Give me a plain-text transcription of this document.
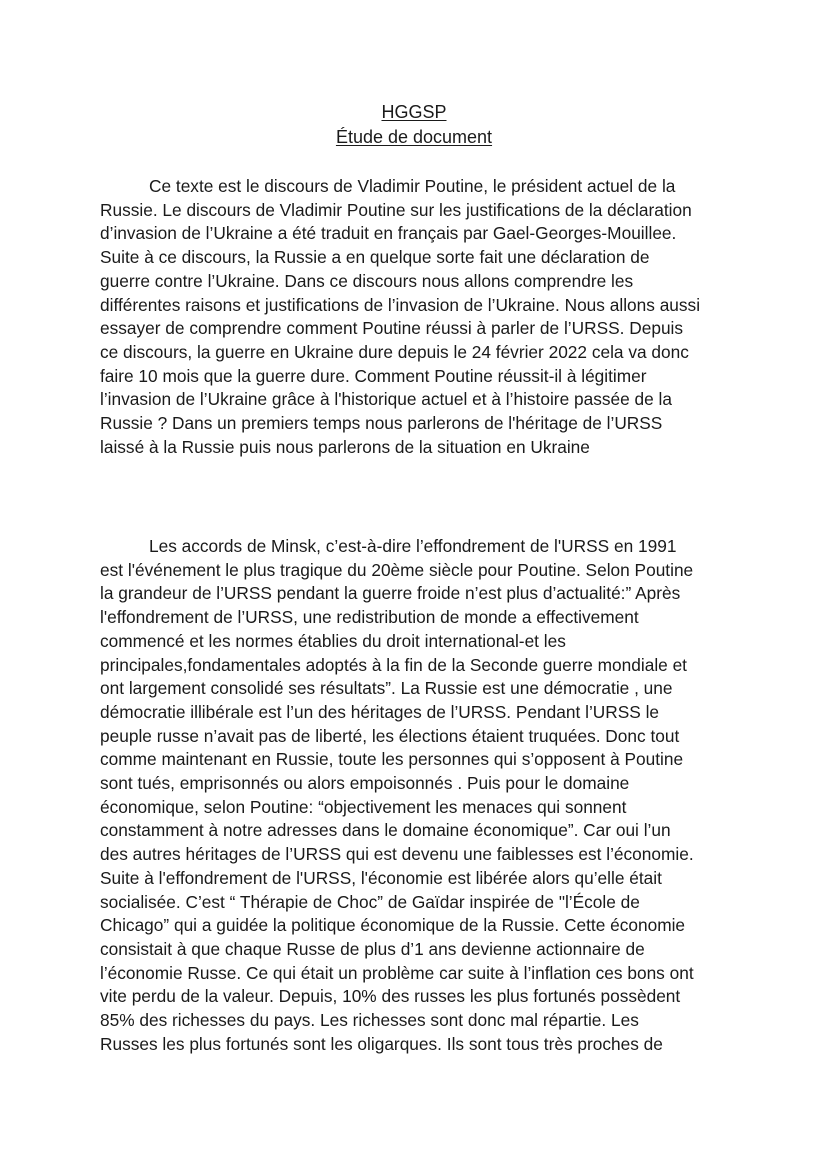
HGGSP
Étude de document
Ce texte est le discours de Vladimir Poutine, le président actuel de la
Russie. Le discours de Vladimir Poutine sur les justifications de la déclaration
d’invasion de l’Ukraine a été traduit en français par Gael-Georges-Mouillee.
Suite à ce discours, la Russie a en quelque sorte fait une déclaration de
guerre contre l’Ukraine. Dans ce discours nous allons comprendre les
différentes raisons et justifications de l’invasion de l’Ukraine. Nous allons aussi
essayer de comprendre comment Poutine réussi à parler de l’URSS. Depuis
ce discours, la guerre en Ukraine dure depuis le 24 février 2022 cela va donc
faire 10 mois que la guerre dure. Comment Poutine réussit-il à légitimer
l’invasion de l’Ukraine grâce à l'historique actuel et à l’histoire passée de la
Russie ? Dans un premiers temps nous parlerons de l'héritage de l’URSS
laissé à la Russie puis nous parlerons de la situation en Ukraine
Les accords de Minsk, c’est-à-dire l’effondrement de l'URSS en 1991
est l'événement le plus tragique du 20ème siècle pour Poutine. Selon Poutine
la grandeur de l’URSS pendant la guerre froide n’est plus d’actualité:” Après
l'effondrement de l’URSS, une redistribution de monde a effectivement
commencé et les normes établies du droit international-et les
principales,fondamentales adoptés à la fin de la Seconde guerre mondiale et
ont largement consolidé ses résultats”. La Russie est une démocratie , une
démocratie illibérale est l’un des héritages de l’URSS. Pendant l’URSS le
peuple russe n’avait pas de liberté, les élections étaient truquées. Donc tout
comme maintenant en Russie, toute les personnes qui s’opposent à Poutine
sont tués, emprisonnés ou alors empoisonnés . Puis pour le domaine
économique, selon Poutine: “objectivement les menaces qui sonnent
constamment à notre adresses dans le domaine économique”. Car oui l’un
des autres héritages de l’URSS qui est devenu une faiblesses est l’économie.
Suite à l'effondrement de l'URSS, l'économie est libérée alors qu’elle était
socialisée. C’est “ Thérapie de Choc” de Gaïdar inspirée de "l’École de
Chicago” qui a guidée la politique économique de la Russie. Cette économie
consistait à que chaque Russe de plus d’1 ans devienne actionnaire de
l’économie Russe. Ce qui était un problème car suite à l’inflation ces bons ont
vite perdu de la valeur. Depuis, 10% des russes les plus fortunés possèdent
85% des richesses du pays. Les richesses sont donc mal répartie. Les
Russes les plus fortunés sont les oligarques. Ils sont tous très proches de
